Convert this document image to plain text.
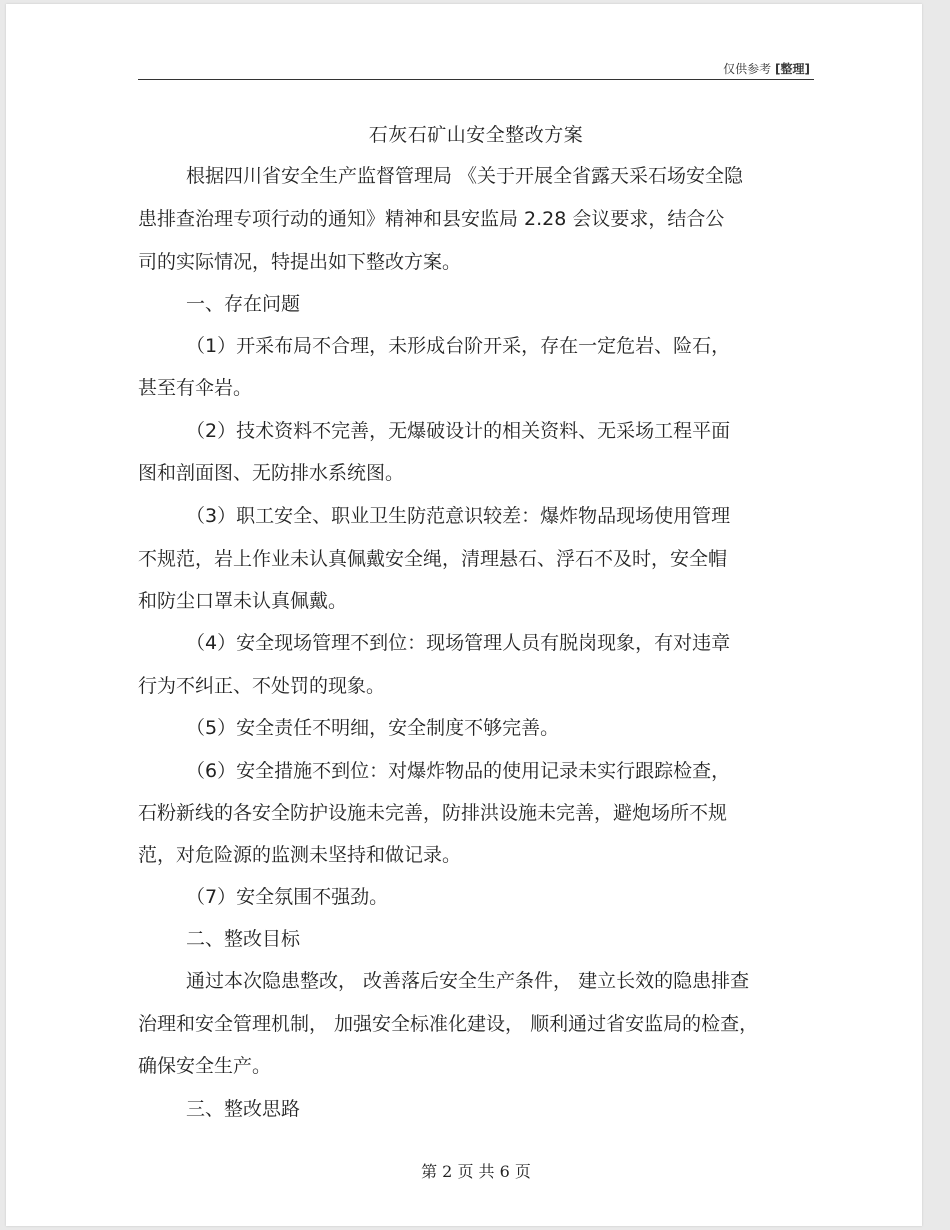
仅供参考 [整理]
石灰石矿山安全整改方案
根据四川省安全生产监督管理局 《关于开展全省露天采石场安全隐
患排查治理专项行动的通知》精神和县安监局 2.28 会议要求，结合公
司的实际情况，特提出如下整改方案。
一、存在问题
（1）开采布局不合理，未形成台阶开采，存在一定危岩、险石，
甚至有伞岩。
（2）技术资料不完善，无爆破设计的相关资料、无采场工程平面
图和剖面图、无防排水系统图。
（3）职工安全、职业卫生防范意识较差：爆炸物品现场使用管理
不规范，岩上作业未认真佩戴安全绳，清理悬石、浮石不及时，安全帽
和防尘口罩未认真佩戴。
（4）安全现场管理不到位：现场管理人员有脱岗现象，有对违章
行为不纠正、不处罚的现象。
（5）安全责任不明细，安全制度不够完善。
（6）安全措施不到位：对爆炸物品的使用记录未实行跟踪检查，
石粉新线的各安全防护设施未完善，防排洪设施未完善，避炮场所不规
范，对危险源的监测未坚持和做记录。
（7）安全氛围不强劲。
二、整改目标
通过本次隐患整改， 改善落后安全生产条件， 建立长效的隐患排查
治理和安全管理机制， 加强安全标准化建设， 顺利通过省安监局的检查，
确保安全生产。
三、整改思路
第 2 页 共 6 页
